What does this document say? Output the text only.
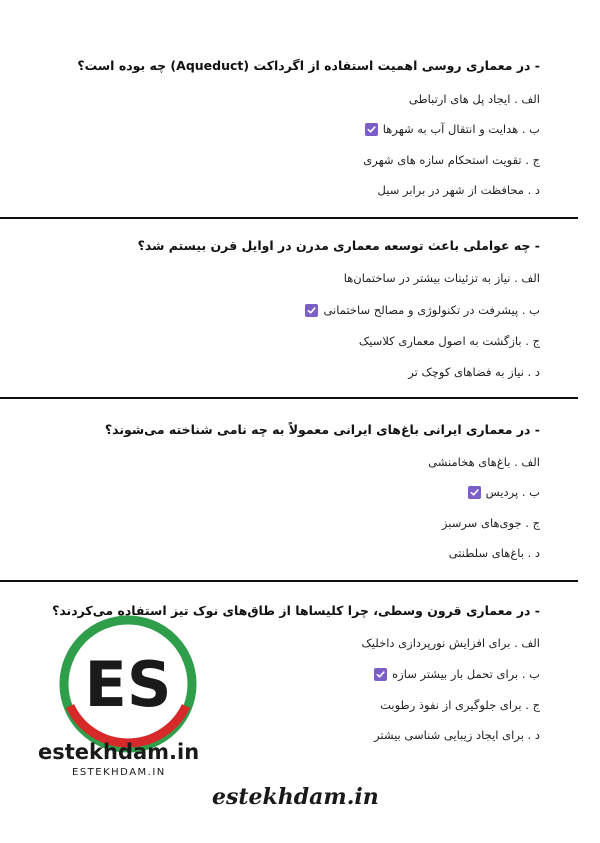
- در معماری روسی اهمیت استفاده از اگرداکت (Aqueduct) چه بوده است؟
الف . ایجاد پل های ارتباطی
ب . هدایت و انتقال آب به شهرها
ج . تقویت استحکام سازه های شهری
د . محافظت از شهر در برابر سیل
- چه عواملی باعث توسعه معماری مدرن در اوایل قرن بیستم شد؟
الف . نیاز به تزئینات بیشتر در ساختمان‌ها
ب . پیشرفت در تکنولوژی و مصالح ساختمانی
ج . بازگشت به اصول معماری کلاسیک
د . نیاز به فضاهای کوچک تر
- در معماری ایرانی باغ‌های ایرانی معمولاً به چه نامی شناخته می‌شوند؟
الف . باغ‌های هخامنشی
ب . پردیس
ج . جوی‌های سرسبز
د . باغ‌های سلطنتی
- در معماری قرون وسطی، چرا کلیساها از طاق‌های نوک تیز استفاده می‌کردند؟
الف . برای افزایش نورپردازی داخلیک
ب . برای تحمل بار بیشتر سازه
ج . برای جلوگیری از نفوذ رطوبت
د . برای ایجاد زیبایی شناسی بیشتر
ES
estekhdam.in
ESTEKHDAM.IN
estekhdam.in
